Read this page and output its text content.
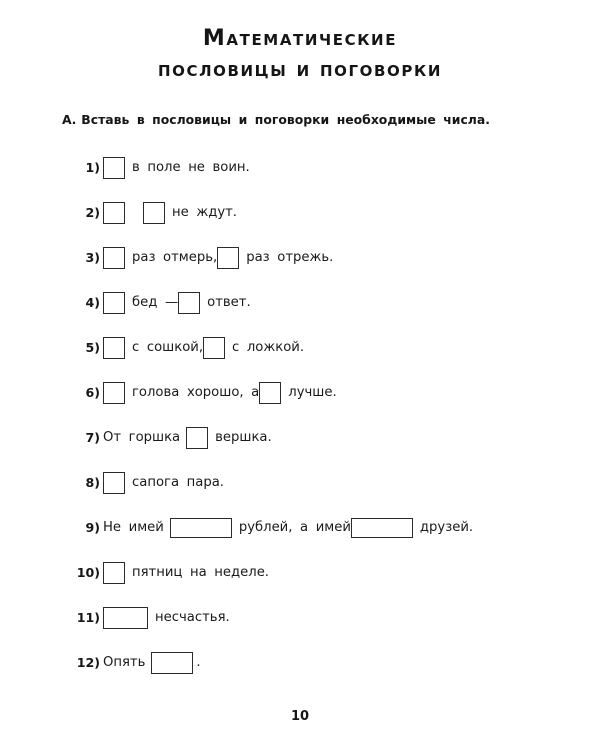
Математические
пословицы и поговорки
А. Вставь в пословицы и поговорки необходимые числа.
1) в поле не воин.
2)	не ждут.
3) раз отмерь, раз отрежь.
4) бед — ответ.
5) с сошкой, с ложкой.
6) голова хорошо, а лучше.
7) От горшка	вершка.
8) сапога пара.
9) Не имей	рублей, а имей	друзей.
10) пятниц на неделе.
11)	несчастья.
12) Опять	.
10
